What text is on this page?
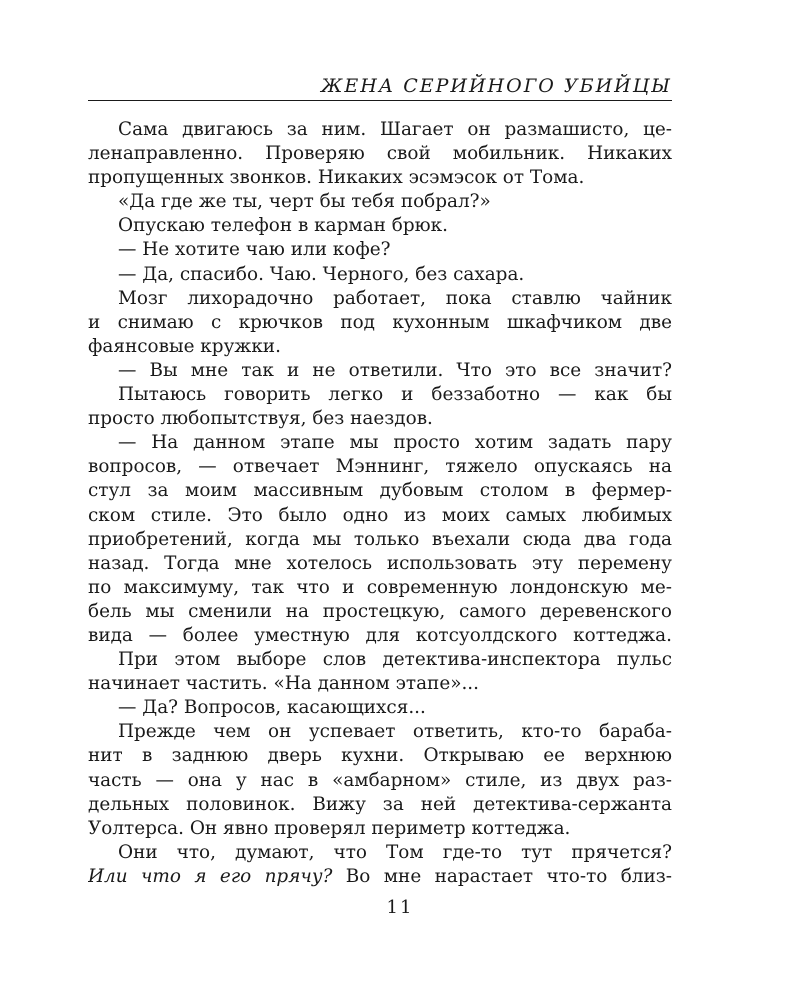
ЖЕНА СЕРИЙНОГО УБИЙЦЫ
Сама двигаюсь за ним. Шагает он размашисто, це-
ленаправленно. Проверяю свой мобильник. Никаких
пропущенных звонков. Никаких эсэмэсок от Тома.
«Да где же ты, черт бы тебя побрал?»
Опускаю телефон в карман брюк.
— Не хотите чаю или кофе?
— Да, спасибо. Чаю. Черного, без сахара.
Мозг лихорадочно работает, пока ставлю чайник
и снимаю с крючков под кухонным шкафчиком две
фаянсовые кружки.
— Вы мне так и не ответили. Что это все значит?
Пытаюсь говорить легко и беззаботно — как бы
просто любопытствуя, без наездов.
— На данном этапе мы просто хотим задать пару
вопросов, — отвечает Мэннинг, тяжело опускаясь на
стул за моим массивным дубовым столом в фермер-
ском стиле. Это было одно из моих самых любимых
приобретений, когда мы только въехали сюда два года
назад. Тогда мне хотелось использовать эту перемену
по максимуму, так что и современную лондонскую ме-
бель мы сменили на простецкую, самого деревенского
вида — более уместную для котсуолдского коттеджа.
При этом выборе слов детектива-инспектора пульс
начинает частить. «На данном этапе»...
— Да? Вопросов, касающихся...
Прежде чем он успевает ответить, кто-то бараба-
нит в заднюю дверь кухни. Открываю ее верхнюю
часть — она у нас в «амбарном» стиле, из двух раз-
дельных половинок. Вижу за ней детектива-сержанта
Уолтерса. Он явно проверял периметр коттеджа.
Они что, думают, что Том где-то тут прячется?
Или что я его прячу? Во мне нарастает что-то близ-
11
